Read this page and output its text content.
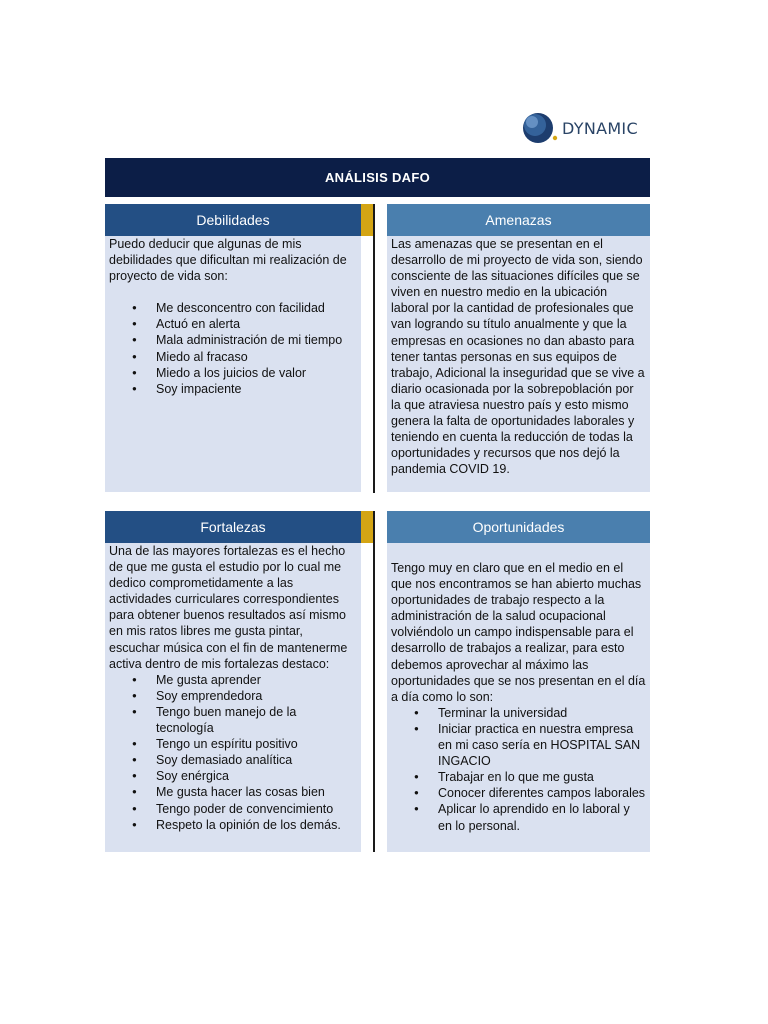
DYNAMIC
ANÁLISIS DAFO
Debilidades

Puedo deducir que algunas de mis debilidades que dificultan mi realización de proyecto de vida son:

● Me desconcentro con facilidad
● Actuó en alerta
● Mala administración de mi tiempo
● Miedo al fracaso
● Miedo a los juicios de valor
● Soy impaciente
Amenazas

Las amenazas que se presentan en el desarrollo de mi proyecto de vida son, siendo consciente de las situaciones difíciles que se viven en nuestro medio en la ubicación laboral por la cantidad de profesionales que van logrando su título anualmente y que la empresas en ocasiones no dan abasto para tener tantas personas en sus equipos de trabajo, Adicional la inseguridad que se vive a diario ocasionada por la sobrepoblación por la que atraviesa nuestro país y esto mismo genera la falta de oportunidades laborales y teniendo en cuenta la reducción de todas la oportunidades y recursos que nos dejó la pandemia COVID 19.

Fortalezas

Una de las mayores fortalezas es el hecho de que me gusta el estudio por lo cual me dedico comprometidamente a las actividades curriculares correspondientes para obtener buenos resultados así mismo en mis ratos libres me gusta pintar, escuchar música con el fin de mantenerme activa dentro de mis fortalezas destaco:

● Me gusta aprender
● Soy emprendedora
● Tengo buen manejo de la tecnología
● Tengo un espíritu positivo
● Soy demasiado analítica
● Soy enérgica
● Me gusta hacer las cosas bien
● Tengo poder de convencimiento
● Respeto la opinión de los demás.
Oportunidades

Tengo muy en claro que en el medio en el que nos encontramos se han abierto muchas oportunidades de trabajo respecto a la administración de la salud ocupacional volviéndolo un campo indispensable para el desarrollo de trabajos a realizar, para esto debemos aprovechar al máximo las oportunidades que se nos presentan en el día a día como lo son:

● Terminar la universidad
● Iniciar practica en nuestra empresa en mi caso sería en HOSPITAL SAN INGACIO
● Trabajar en lo que me gusta
● Conocer diferentes campos laborales
● Aplicar lo aprendido en lo laboral y en lo personal.
